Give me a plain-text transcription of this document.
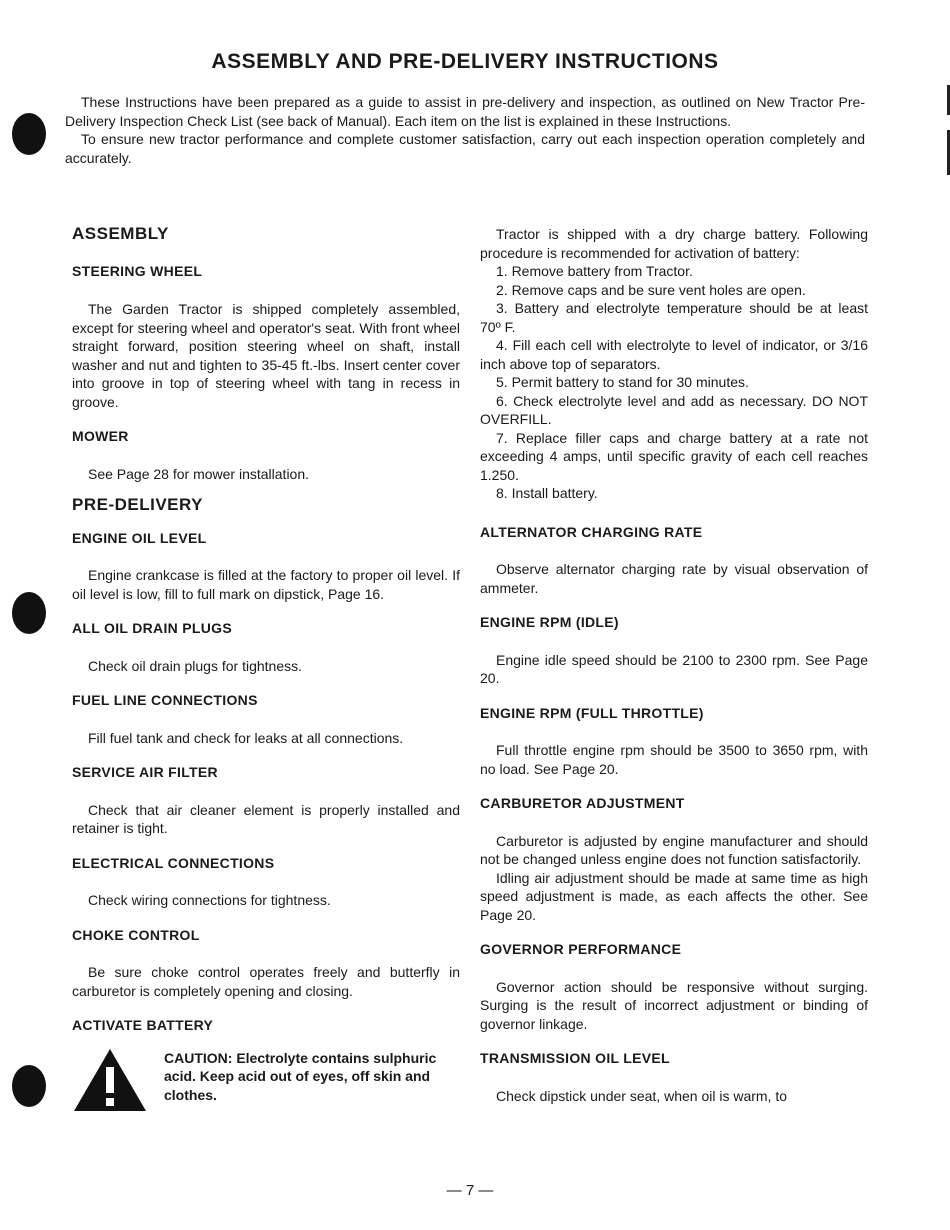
ASSEMBLY AND PRE-DELIVERY INSTRUCTIONS

These Instructions have been prepared as a guide to assist in pre-delivery and inspection, as outlined on New Tractor Pre-Delivery Inspection Check List (see back of Manual). Each item on the list is explained in these Instructions.

To ensure new tractor performance and complete customer satisfaction, carry out each inspection operation completely and accurately.

ASSEMBLY
STEERING WHEEL

The Garden Tractor is shipped completely assembled, except for steering wheel and operator's seat. With front wheel straight forward, position steering wheel on shaft, install washer and nut and tighten to 35-45 ft.-lbs. Insert center cover into groove in top of steering wheel with tang in recess in groove.

MOWER

See Page 28 for mower installation.

PRE-DELIVERY
ENGINE OIL LEVEL

Engine crankcase is filled at the factory to proper oil level. If oil level is low, fill to full mark on dipstick, Page 16.

ALL OIL DRAIN PLUGS

Check oil drain plugs for tightness.

FUEL LINE CONNECTIONS

Fill fuel tank and check for leaks at all connections.

SERVICE AIR FILTER

Check that air cleaner element is properly installed and retainer is tight.

ELECTRICAL CONNECTIONS

Check wiring connections for tightness.

CHOKE CONTROL

Be sure choke control operates freely and butterfly in carburetor is completely opening and closing.

ACTIVATE BATTERY
CAUTION: Electrolyte contains sulphuric acid. Keep acid out of eyes, off skin and clothes.

Tractor is shipped with a dry charge battery. Following procedure is recommended for activation of battery:

1. Remove battery from Tractor.

2. Remove caps and be sure vent holes are open.

3. Battery and electrolyte temperature should be at least 70º F.

4. Fill each cell with electrolyte to level of indicator, or 3/16 inch above top of separators.

5. Permit battery to stand for 30 minutes.

6. Check electrolyte level and add as necessary. DO NOT OVERFILL.

7. Replace filler caps and charge battery at a rate not exceeding 4 amps, until specific gravity of each cell reaches 1.250.

8. Install battery.

ALTERNATOR CHARGING RATE

Observe alternator charging rate by visual observation of ammeter.

ENGINE RPM (IDLE)

Engine idle speed should be 2100 to 2300 rpm. See Page 20.

ENGINE RPM (FULL THROTTLE)

Full throttle engine rpm should be 3500 to 3650 rpm, with no load. See Page 20.

CARBURETOR ADJUSTMENT

Carburetor is adjusted by engine manufacturer and should not be changed unless engine does not function satisfactorily.

Idling air adjustment should be made at same time as high speed adjustment is made, as each affects the other. See Page 20.

GOVERNOR PERFORMANCE

Governor action should be responsive without surging. Surging is the result of incorrect adjustment or binding of governor linkage.

TRANSMISSION OIL LEVEL

Check dipstick under seat, when oil is warm, to

— 7 —
